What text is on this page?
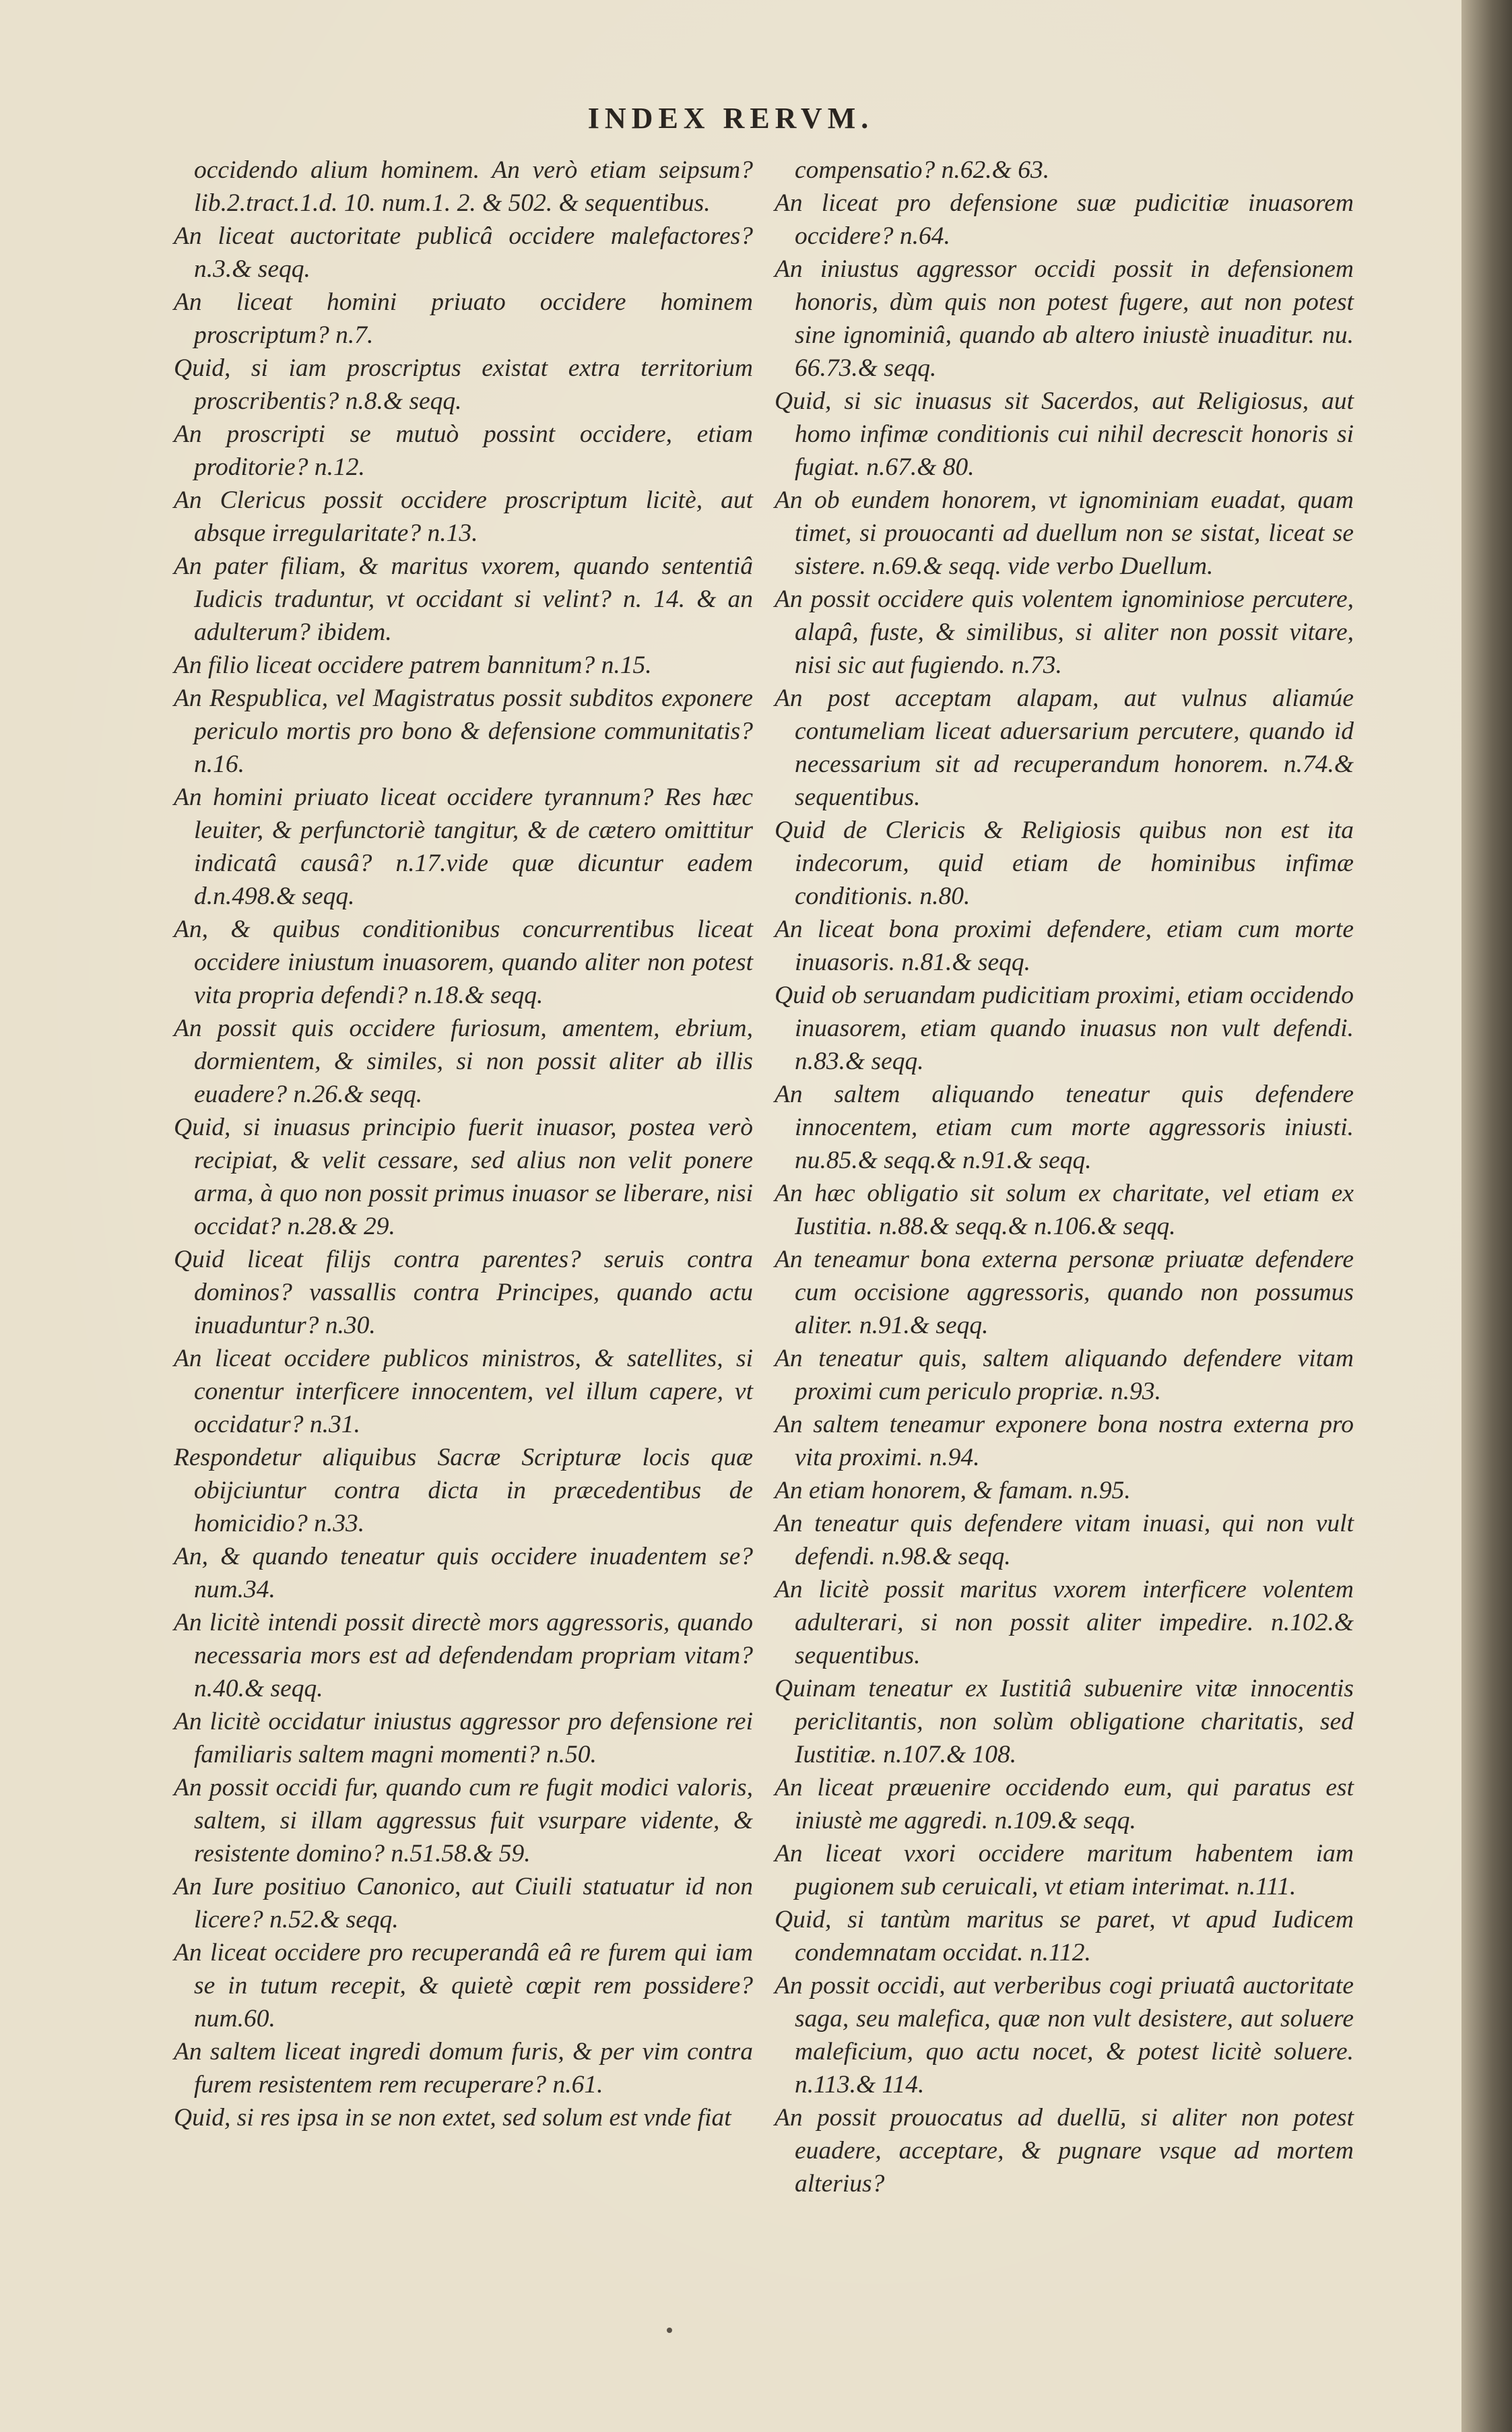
INDEX RERVM.

occidendo alium hominem. An verò etiam seipsum? lib.2.tract.1.d. 10. num.1. 2. & 502. & sequentibus.

An liceat auctoritate publicâ occidere malefactores? n.3.& seqq.

An liceat homini priuato occidere hominem proscriptum? n.7.

Quid, si iam proscriptus existat extra territorium proscribentis? n.8.& seqq.

An proscripti se mutuò possint occidere, etiam proditorie? n.12.

An Clericus possit occidere proscriptum licitè, aut absque irregularitate? n.13.

An pater filiam, & maritus vxorem, quando sententiâ Iudicis traduntur, vt occidant si velint? n. 14. & an adulterum? ibidem.

An filio liceat occidere patrem bannitum? n.15.

An Respublica, vel Magistratus possit subditos exponere periculo mortis pro bono & defensione communitatis? n.16.

An homini priuato liceat occidere tyrannum? Res hæc leuiter, & perfunctoriè tangitur, & de cætero omittitur indicatâ causâ? n.17.vide quæ dicuntur eadem d.n.498.& seqq.

An, & quibus conditionibus concurrentibus liceat occidere iniustum inuasorem, quando aliter non potest vita propria defendi? n.18.& seqq.

An possit quis occidere furiosum, amentem, ebrium, dormientem, & similes, si non possit aliter ab illis euadere? n.26.& seqq.

Quid, si inuasus principio fuerit inuasor, postea verò recipiat, & velit cessare, sed alius non velit ponere arma, à quo non possit primus inuasor se liberare, nisi occidat? n.28.& 29.

Quid liceat filijs contra parentes? seruis contra dominos? vassallis contra Principes, quando actu inuaduntur? n.30.

An liceat occidere publicos ministros, & satellites, si conentur interficere innocentem, vel illum capere, vt occidatur? n.31.

Respondetur aliquibus Sacræ Scripturæ locis quæ obijciuntur contra dicta in præcedentibus de homicidio? n.33.

An, & quando teneatur quis occidere inuadentem se? num.34.

An licitè intendi possit directè mors aggressoris, quando necessaria mors est ad defendendam propriam vitam? n.40.& seqq.

An licitè occidatur iniustus aggressor pro defensione rei familiaris saltem magni momenti? n.50.

An possit occidi fur, quando cum re fugit modici valoris, saltem, si illam aggressus fuit vsurpare vidente, & resistente domino? n.51.58.& 59.

An Iure positiuo Canonico, aut Ciuili statuatur id non licere? n.52.& seqq.

An liceat occidere pro recuperandâ eâ re furem qui iam se in tutum recepit, & quietè cœpit rem possidere? num.60.

An saltem liceat ingredi domum furis, & per vim contra furem resistentem rem recuperare? n.61.

Quid, si res ipsa in se non extet, sed solum est vnde fiat

compensatio? n.62.& 63.

An liceat pro defensione suæ pudicitiæ inuasorem occidere? n.64.

An iniustus aggressor occidi possit in defensionem honoris, dùm quis non potest fugere, aut non potest sine ignominiâ, quando ab altero iniustè inuaditur. nu. 66.73.& seqq.

Quid, si sic inuasus sit Sacerdos, aut Religiosus, aut homo infimæ conditionis cui nihil decrescit honoris si fugiat. n.67.& 80.

An ob eundem honorem, vt ignominiam euadat, quam timet, si prouocanti ad duellum non se sistat, liceat se sistere. n.69.& seqq. vide verbo Duellum.

An possit occidere quis volentem ignominiose percutere, alapâ, fuste, & similibus, si aliter non possit vitare, nisi sic aut fugiendo. n.73.

An post acceptam alapam, aut vulnus aliamúe contumeliam liceat aduersarium percutere, quando id necessarium sit ad recuperandum honorem. n.74.& sequentibus.

Quid de Clericis & Religiosis quibus non est ita indecorum, quid etiam de hominibus infimæ conditionis. n.80.

An liceat bona proximi defendere, etiam cum morte inuasoris. n.81.& seqq.

Quid ob seruandam pudicitiam proximi, etiam occidendo inuasorem, etiam quando inuasus non vult defendi. n.83.& seqq.

An saltem aliquando teneatur quis defendere innocentem, etiam cum morte aggressoris iniusti. nu.85.& seqq.& n.91.& seqq.

An hæc obligatio sit solum ex charitate, vel etiam ex Iustitia. n.88.& seqq.& n.106.& seqq.

An teneamur bona externa personæ priuatæ defendere cum occisione aggressoris, quando non possumus aliter. n.91.& seqq.

An teneatur quis, saltem aliquando defendere vitam proximi cum periculo propriæ. n.93.

An saltem teneamur exponere bona nostra externa pro vita proximi. n.94.

An etiam honorem, & famam. n.95.

An teneatur quis defendere vitam inuasi, qui non vult defendi. n.98.& seqq.

An licitè possit maritus vxorem interficere volentem adulterari, si non possit aliter impedire. n.102.& sequentibus.

Quinam teneatur ex Iustitiâ subuenire vitæ innocentis periclitantis, non solùm obligatione charitatis, sed Iustitiæ. n.107.& 108.

An liceat præuenire occidendo eum, qui paratus est iniustè me aggredi. n.109.& seqq.

An liceat vxori occidere maritum habentem iam pugionem sub ceruicali, vt etiam interimat. n.111.

Quid, si tantùm maritus se paret, vt apud Iudicem condemnatam occidat. n.112.

An possit occidi, aut verberibus cogi priuatâ auctoritate saga, seu malefica, quæ non vult desistere, aut soluere maleficium, quo actu nocet, & potest licitè soluere. n.113.& 114.

An possit prouocatus ad duellū, si aliter non potest euadere, acceptare, & pugnare vsque ad mortem alterius?
